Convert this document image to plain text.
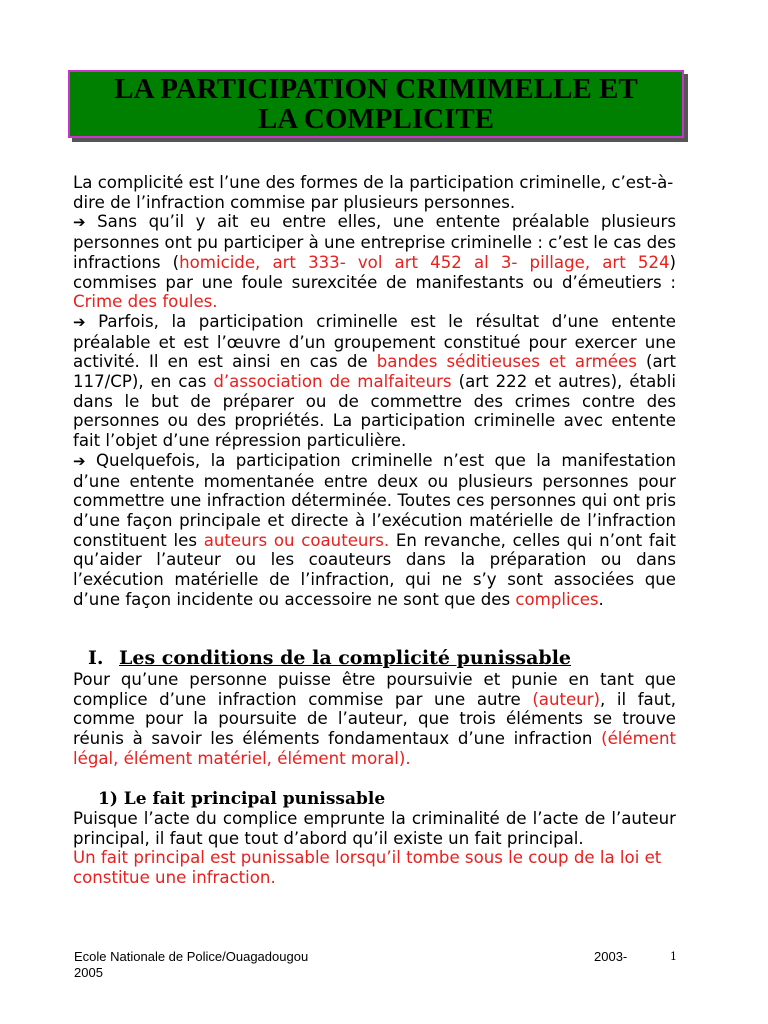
LA PARTICIPATION CRIMIMELLE ET
LA COMPLICITE
La complicité est l’une des formes de la participation criminelle, c’est-à-dire de l’infraction commise par plusieurs personnes.
➔ Sans qu’il y ait eu entre elles, une entente préalable plusieurs personnes ont pu participer à une entreprise criminelle : c’est le cas des infractions (homicide, art 333- vol art 452 al 3- pillage, art 524) commises par une foule surexcitée de manifestants ou d’émeutiers : Crime des foules.
➔ Parfois, la participation criminelle est le résultat d’une entente préalable et est l’œuvre d’un groupement constitué pour exercer une activité. Il en est ainsi en cas de bandes séditieuses et armées (art 117/CP), en cas d’association de malfaiteurs (art 222 et autres), établi dans le but de préparer ou de commettre des crimes contre des personnes ou des propriétés. La participation criminelle avec entente fait l’objet d’une répression particulière.
➔ Quelquefois, la participation criminelle n’est que la manifestation d’une entente momentanée entre deux ou plusieurs personnes pour commettre une infraction déterminée. Toutes ces personnes qui ont pris d’une façon principale et directe à l’exécution matérielle de l’infraction constituent les auteurs ou coauteurs. En revanche, celles qui n’ont fait qu’aider l’auteur ou les coauteurs dans la préparation ou dans l’exécution matérielle de l’infraction, qui ne s’y sont associées que d’une façon incidente ou accessoire ne sont que des complices.
I. Les conditions de la complicité punissable
Pour qu’une personne puisse être poursuivie et punie en tant que complice d’une infraction commise par une autre (auteur), il faut, comme pour la poursuite de l’auteur, que trois éléments se trouve réunis à savoir les éléments fondamentaux d’une infraction (élément légal, élément matériel, élément moral).
1) Le fait principal punissable
Puisque l’acte du complice emprunte la criminalité de l’acte de l’auteur principal, il faut que tout d’abord qu’il existe un fait principal.
Un fait principal est punissable lorsqu’il tombe sous le coup de la loi et constitue une infraction.
Ecole Nationale de Police/Ouagadougou	2003-
2005
1
